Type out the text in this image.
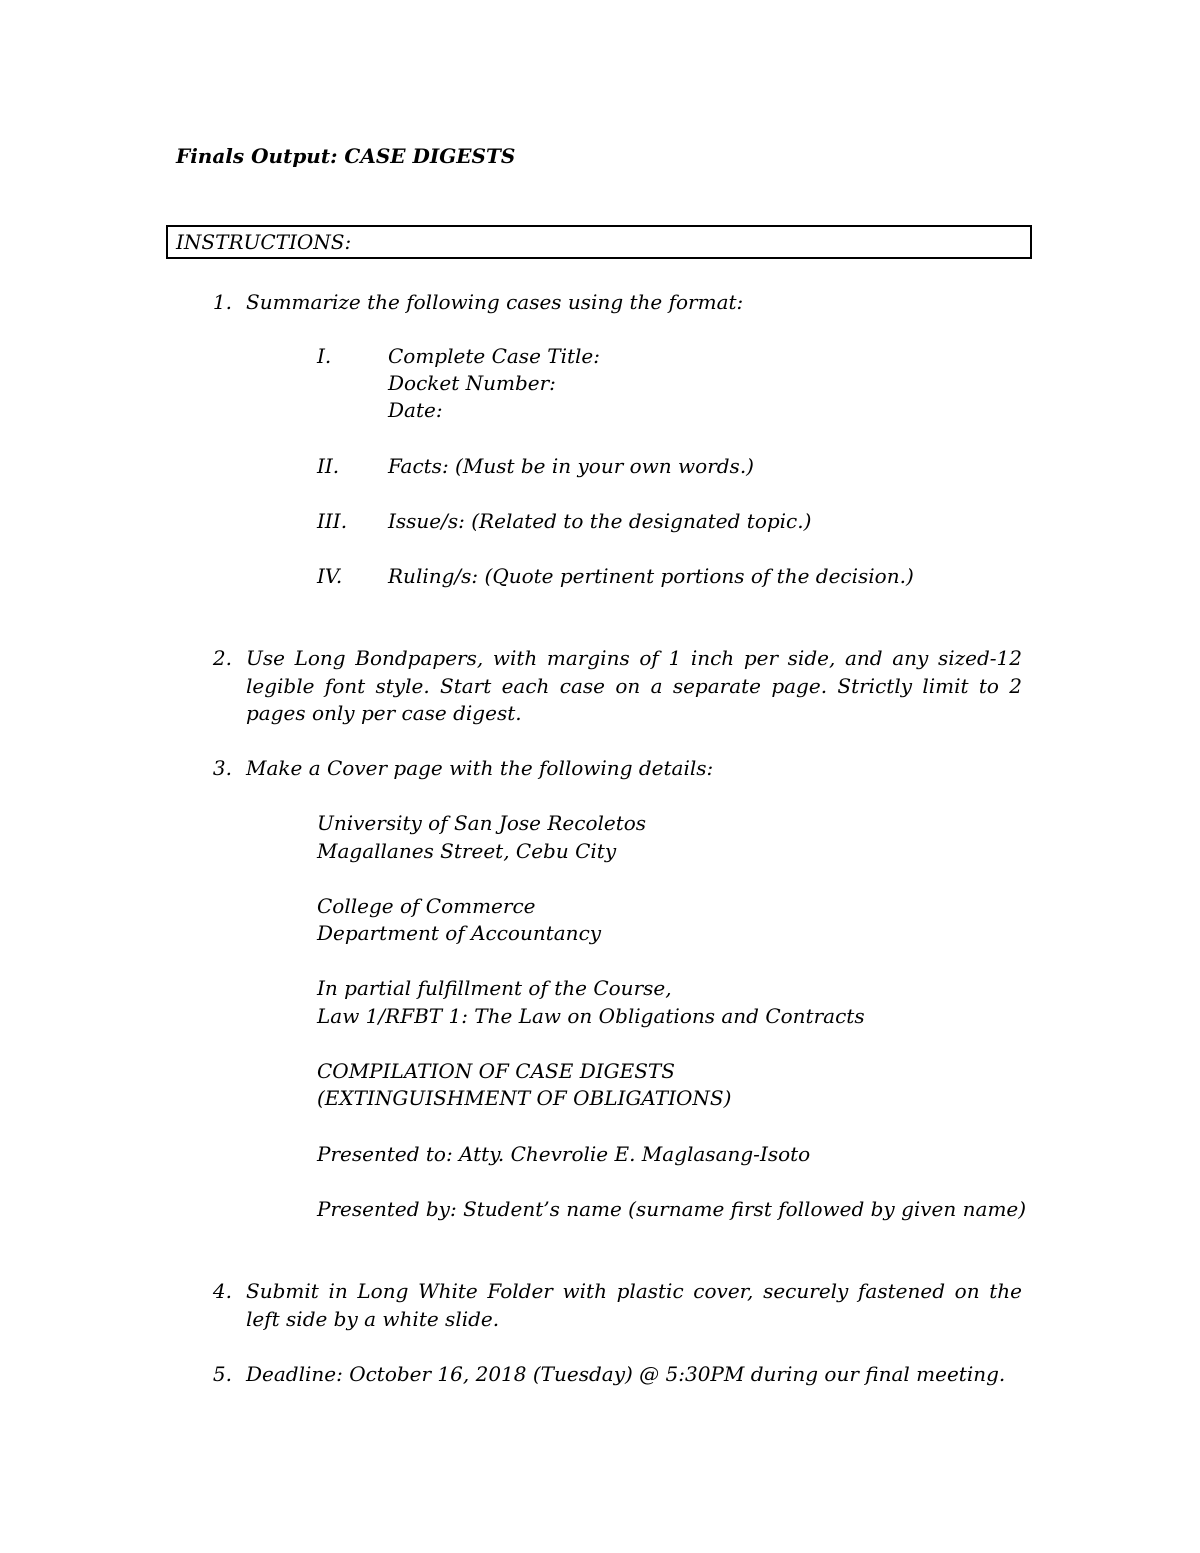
Finals Output: CASE DIGESTS
INSTRUCTIONS:
1. Summarize the following cases using the format:
I.	Complete Case Title:
Docket Number:
Date:
II. Facts: (Must be in your own words.)
III. Issue/s: (Related to the designated topic.)
IV. Ruling/s: (Quote pertinent portions of the decision.)
2. Use Long Bondpapers, with margins of 1 inch per side, and any sized-12 legible font style. Start each case on a separate page. Strictly limit to 2 pages only per case digest.
3. Make a Cover page with the following details:
University of San Jose Recoletos
Magallanes Street, Cebu City
College of Commerce
Department of Accountancy
In partial fulfillment of the Course,
Law 1/RFBT 1: The Law on Obligations and Contracts
COMPILATION OF CASE DIGESTS
(EXTINGUISHMENT OF OBLIGATIONS)
Presented to: Atty. Chevrolie E. Maglasang-Isoto
Presented by: Student’s name (surname first followed by given name)
4. Submit in Long White Folder with plastic cover, securely fastened on the left side by a white slide.
5. Deadline: October 16, 2018 (Tuesday) @ 5:30PM during our final meeting.
